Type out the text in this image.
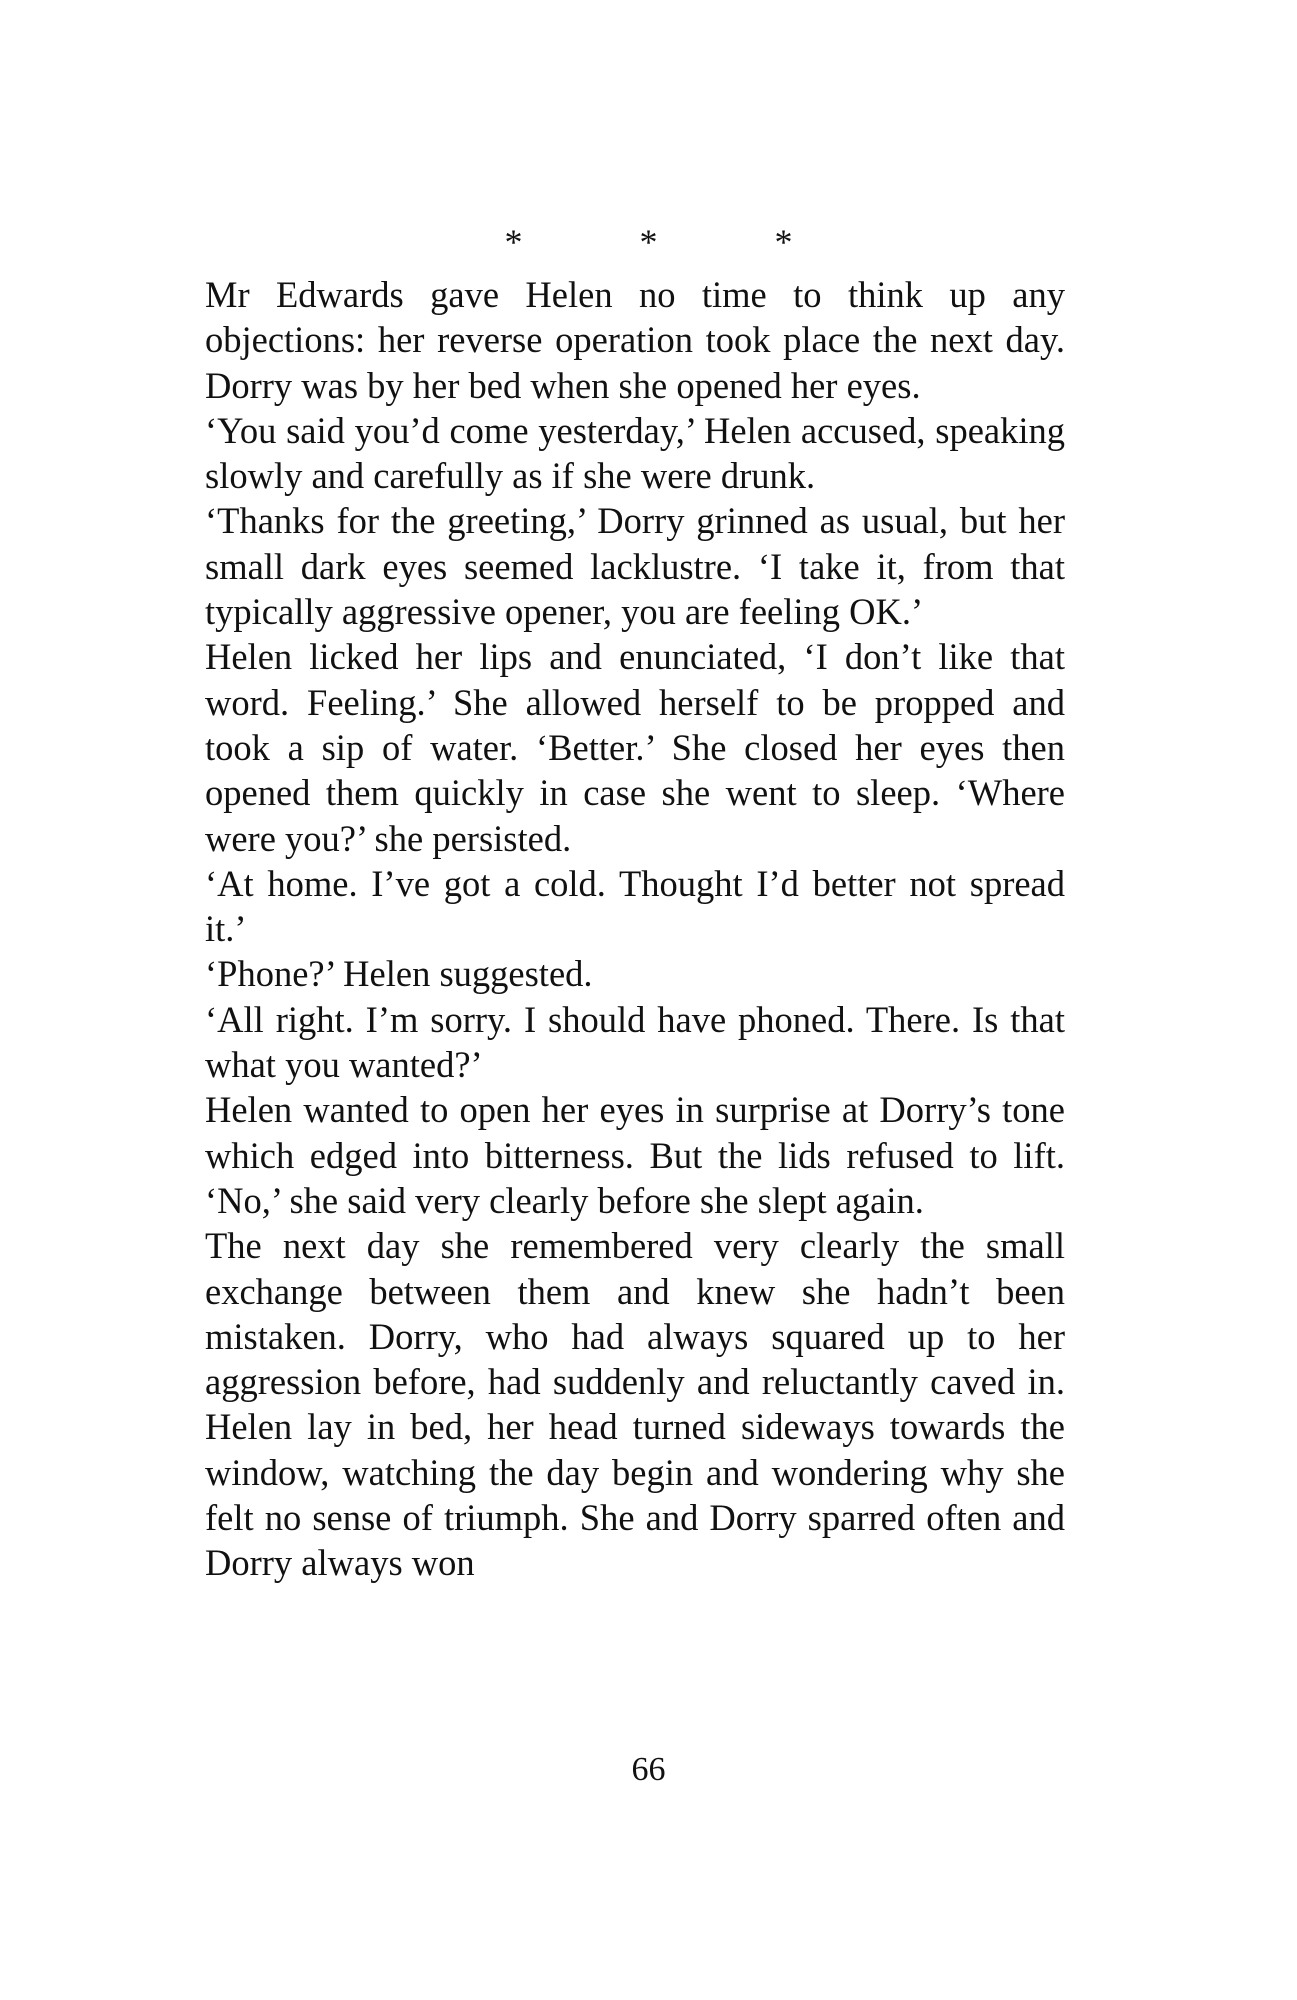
* * *

Mr Edwards gave Helen no time to think up any objections: her reverse operation took place the next day. Dorry was by her bed when she opened her eyes.

‘You said you’d come yesterday,’ Helen accused, speaking slowly and carefully as if she were drunk.

‘Thanks for the greeting,’ Dorry grinned as usual, but her small dark eyes seemed lacklustre. ‘I take it, from that typically aggressive opener, you are feeling OK.’

Helen licked her lips and enunciated, ‘I don’t like that word. Feeling.’ She allowed herself to be propped and took a sip of water. ‘Better.’ She closed her eyes then opened them quickly in case she went to sleep. ‘Where were you?’ she persisted.

‘At home. I’ve got a cold. Thought I’d better not spread it.’

‘Phone?’ Helen suggested.

‘All right. I’m sorry. I should have phoned. There. Is that what you wanted?’

Helen wanted to open her eyes in surprise at Dorry’s tone which edged into bitterness. But the lids refused to lift. ‘No,’ she said very clearly before she slept again.

The next day she remembered very clearly the small exchange between them and knew she hadn’t been mistaken. Dorry, who had always squared up to her aggression before, had suddenly and reluctantly caved in. Helen lay in bed, her head turned sideways towards the window, watching the day begin and wondering why she felt no sense of triumph. She and Dorry sparred often and Dorry always won

66
